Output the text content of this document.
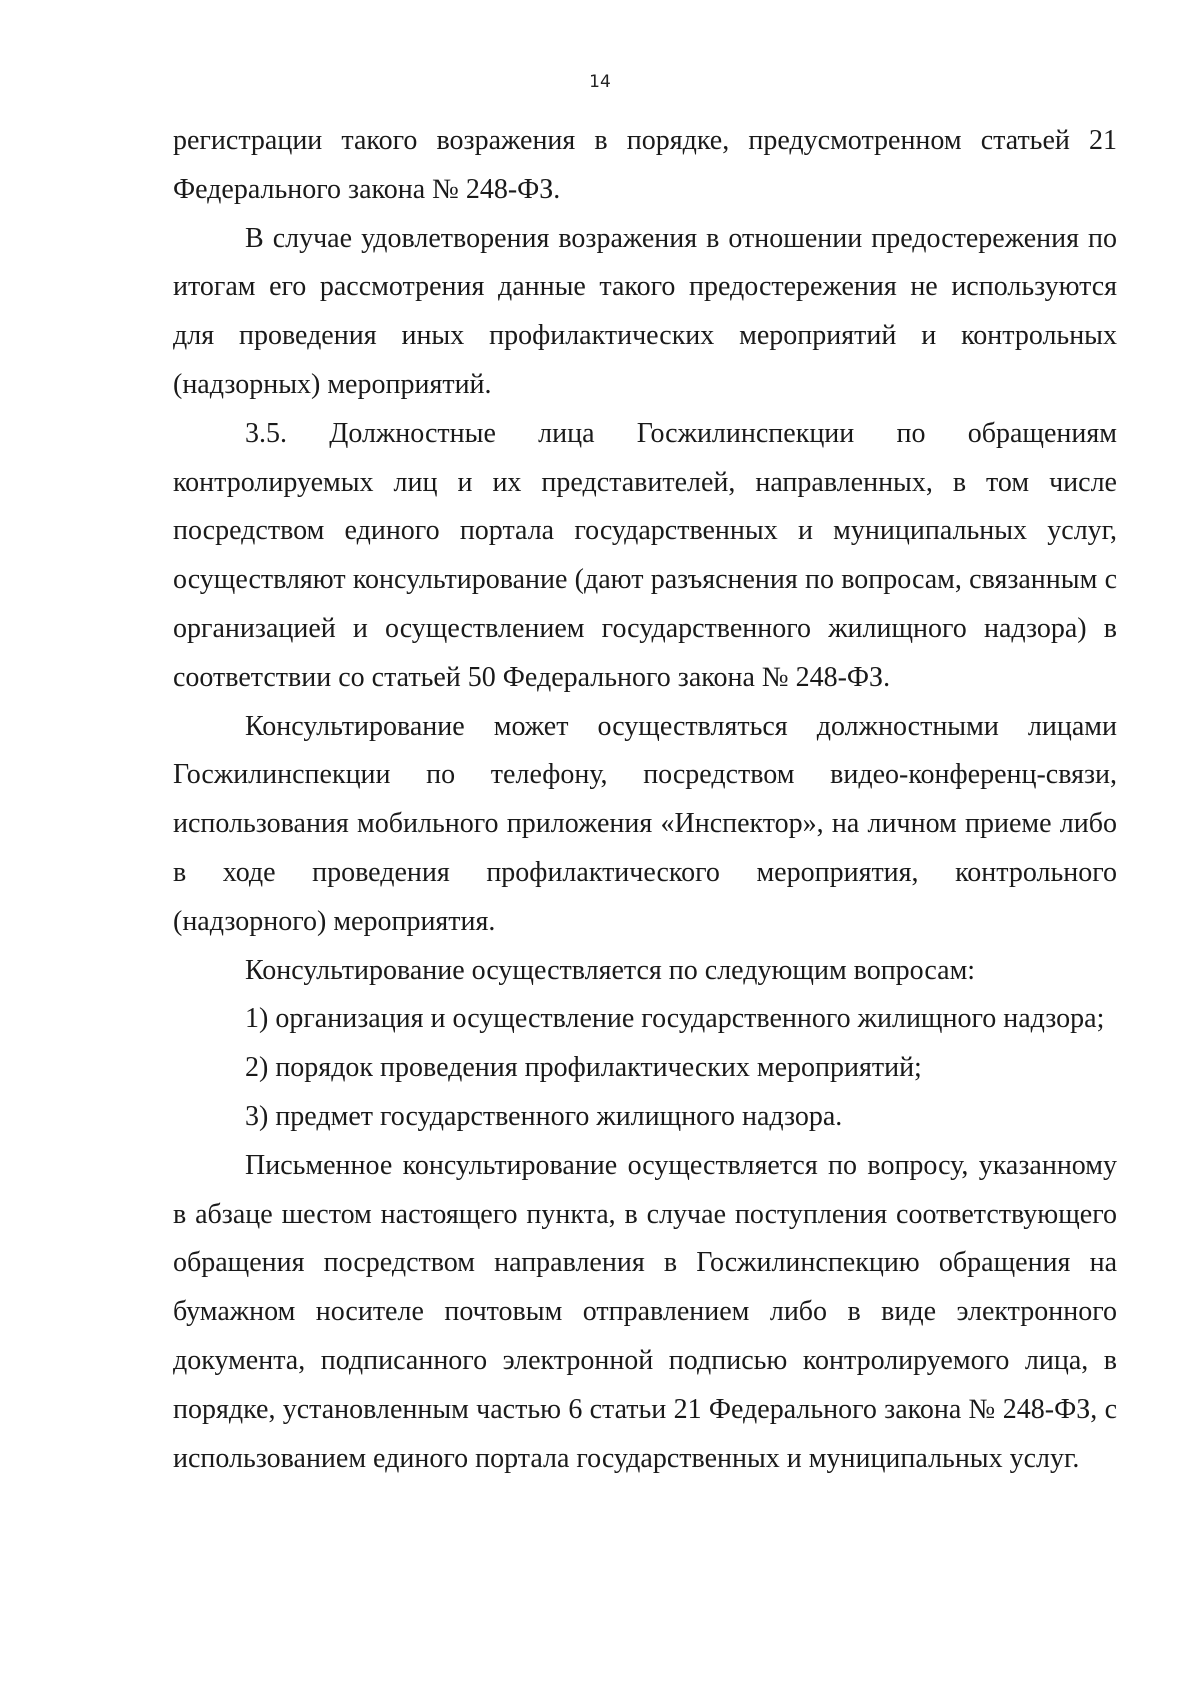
14

регистрации такого возражения в порядке, предусмотренном статьей 21 Федерального закона № 248-ФЗ.

В случае удовлетворения возражения в отношении предостережения по итогам его рассмотрения данные такого предостережения не используются для проведения иных профилактических мероприятий и контрольных (надзорных) мероприятий.

3.5. Должностные лица Госжилинспекции по обращениям контролируемых лиц и их представителей, направленных, в том числе посредством единого портала государственных и муниципальных услуг, осуществляют консультирование (дают разъяснения по вопросам, связанным с организацией и осуществлением государственного жилищного надзора) в соответствии со статьей 50 Федерального закона № 248-ФЗ.

Консультирование может осуществляться должностными лицами Госжилинспекции по телефону, посредством видео-конференц-связи, использования мобильного приложения «Инспектор», на личном приеме либо в ходе проведения профилактического мероприятия, контрольного (надзорного) мероприятия.

Консультирование осуществляется по следующим вопросам:

1) организация и осуществление государственного жилищного надзора;

2) порядок проведения профилактических мероприятий;

3) предмет государственного жилищного надзора.

Письменное консультирование осуществляется по вопросу, указанному в абзаце шестом настоящего пункта, в случае поступления соответствующего обращения посредством направления в Госжилинспекцию обращения на бумажном носителе почтовым отправлением либо в виде электронного документа, подписанного электронной подписью контролируемого лица, в порядке, установленным частью 6 статьи 21 Федерального закона № 248-ФЗ, с использованием единого портала государственных и муниципальных услуг.
